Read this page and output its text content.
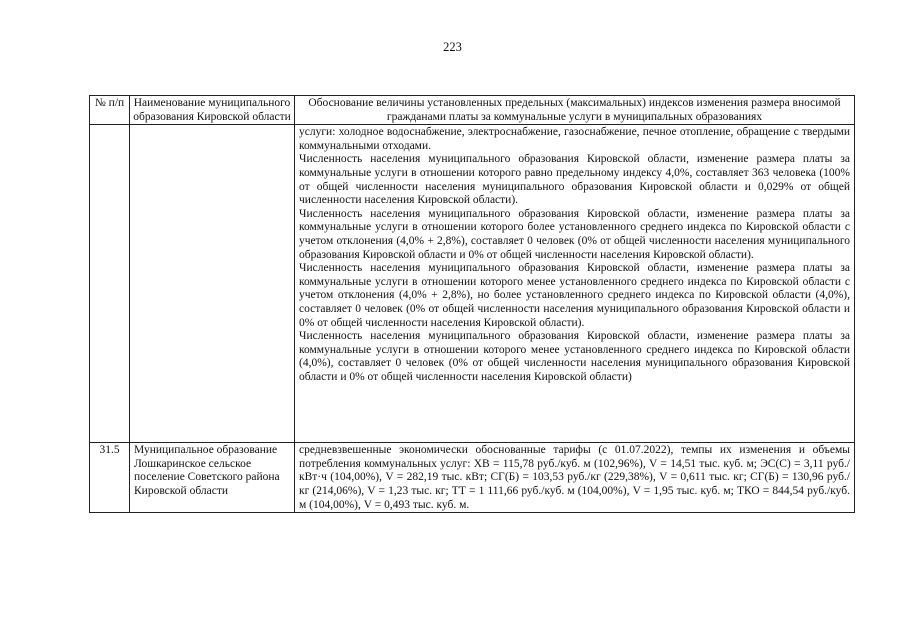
223
№ п/п	Наименование муниципального образования Кировской области	Обоснование величины установленных предельных (максимальных) индексов изменения размера вносимой гражданами платы за коммунальные услуги в муниципальных образованиях

		услуги: холодное водоснабжение, электроснабжение, газоснабжение, печное отопление, обращение с твердыми коммунальными отходами.

Численность населения муниципального образования Кировской области, изменение размера платы за коммунальные услуги в отношении которого равно предельному индексу 4,0%, составляет 363 человека (100% от общей численности населения муниципального образования Кировской области и 0,029% от общей численности населения Кировской области).

Численность населения муниципального образования Кировской области, изменение размера платы за коммунальные услуги в отношении которого более установленного среднего индекса по Кировской области с учетом отклонения (4,0% + 2,8%), составляет 0 человек (0% от общей численности населения муниципального образования Кировской области и 0% от общей численности населения Кировской области).

Численность населения муниципального образования Кировской области, изменение размера платы за коммунальные услуги в отношении которого менее установленного среднего индекса по Кировской области с учетом отклонения (4,0% + 2,8%), но более установленного среднего индекса по Кировской области (4,0%), составляет 0 человек (0% от общей численности населения муниципального образования Кировской области и 0% от общей численности населения Кировской области).

Численность населения муниципального образования Кировской области, изменение размера платы за коммунальные услуги в отношении которого менее установленного среднего индекса по Кировской области (4,0%), составляет 0 человек (0% от общей численности населения муниципального образования Кировской области и 0% от общей численности населения Кировской области)

31.5	Муниципальное образование Лошкаринское сельское поселение Советского района Кировской области	средневзвешенные экономически обоснованные тарифы (с 01.07.2022), темпы их изменения и объемы потребления коммунальных услуг: ХВ = 115,78 руб./куб. м (102,96%), V = 14,51 тыс. куб. м; ЭС(С) = 3,11 руб./кВт·ч (104,00%), V = 282,19 тыс. кВт; СГ(Б) = 103,53 руб./кг (229,38%), V = 0,611 тыс. кг; СГ(Б) = 130,96 руб./кг (214,06%), V = 1,23 тыс. кг; ТТ = 1 111,66 руб./куб. м (104,00%), V = 1,95 тыс. куб. м; ТКО = 844,54 руб./куб. м (104,00%), V = 0,493 тыс. куб. м.
